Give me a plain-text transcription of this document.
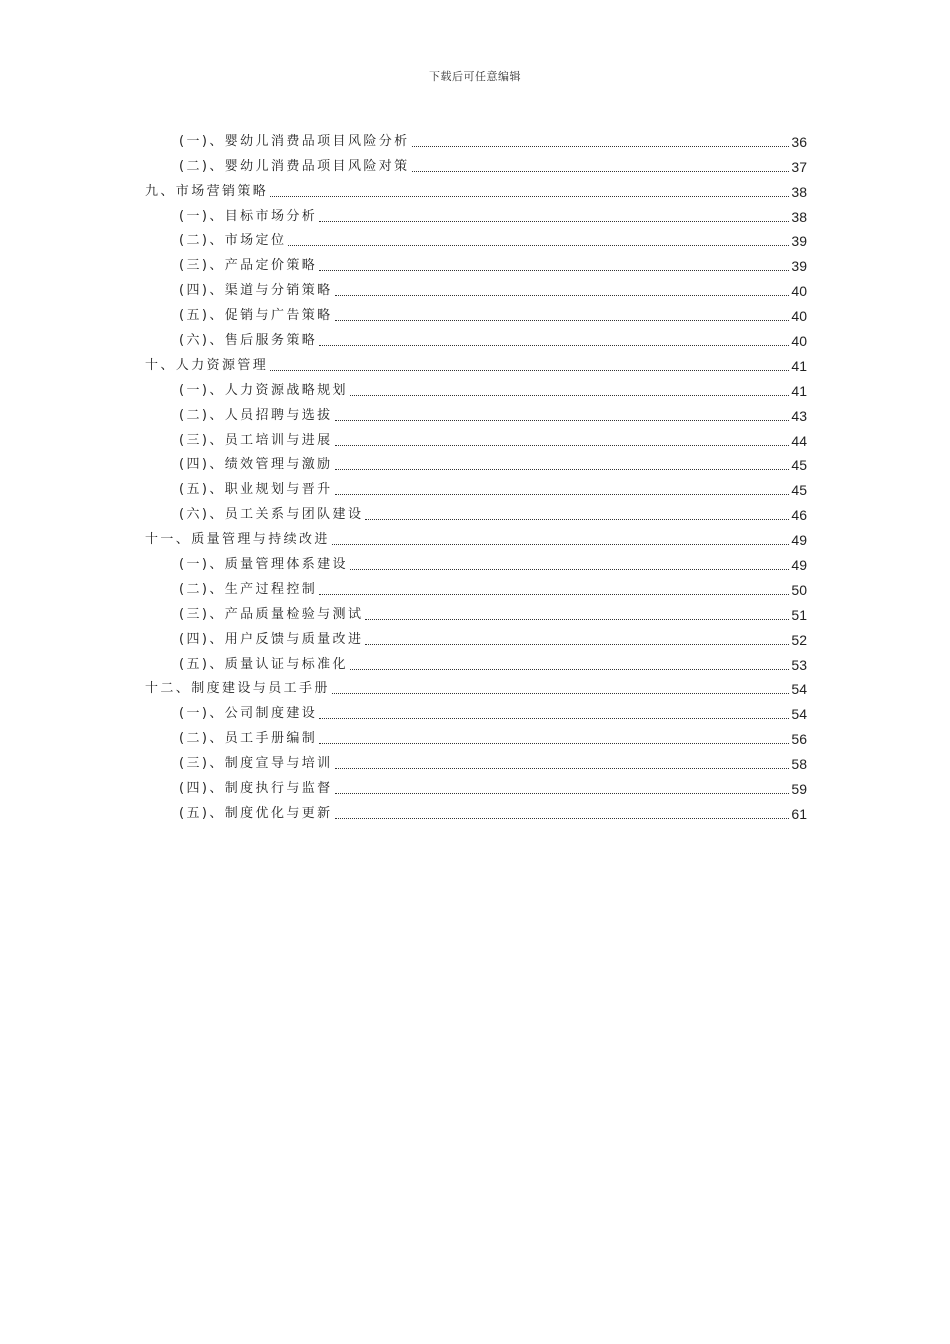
下载后可任意编辑
(一)、婴幼儿消费品项目风险分析	36
(二)、婴幼儿消费品项目风险对策	37
九、市场营销策略	38
(一)、目标市场分析	38
(二)、市场定位	39
(三)、产品定价策略	39
(四)、渠道与分销策略	40
(五)、促销与广告策略	40
(六)、售后服务策略	40
十、人力资源管理	41
(一)、人力资源战略规划	41
(二)、人员招聘与选拔	43
(三)、员工培训与进展	44
(四)、绩效管理与激励	45
(五)、职业规划与晋升	45
(六)、员工关系与团队建设	46
十一、质量管理与持续改进	49
(一)、质量管理体系建设	49
(二)、生产过程控制	50
(三)、产品质量检验与测试	51
(四)、用户反馈与质量改进	52
(五)、质量认证与标准化	53
十二、制度建设与员工手册	54
(一)、公司制度建设	54
(二)、员工手册编制	56
(三)、制度宣导与培训	58
(四)、制度执行与监督	59
(五)、制度优化与更新	61
